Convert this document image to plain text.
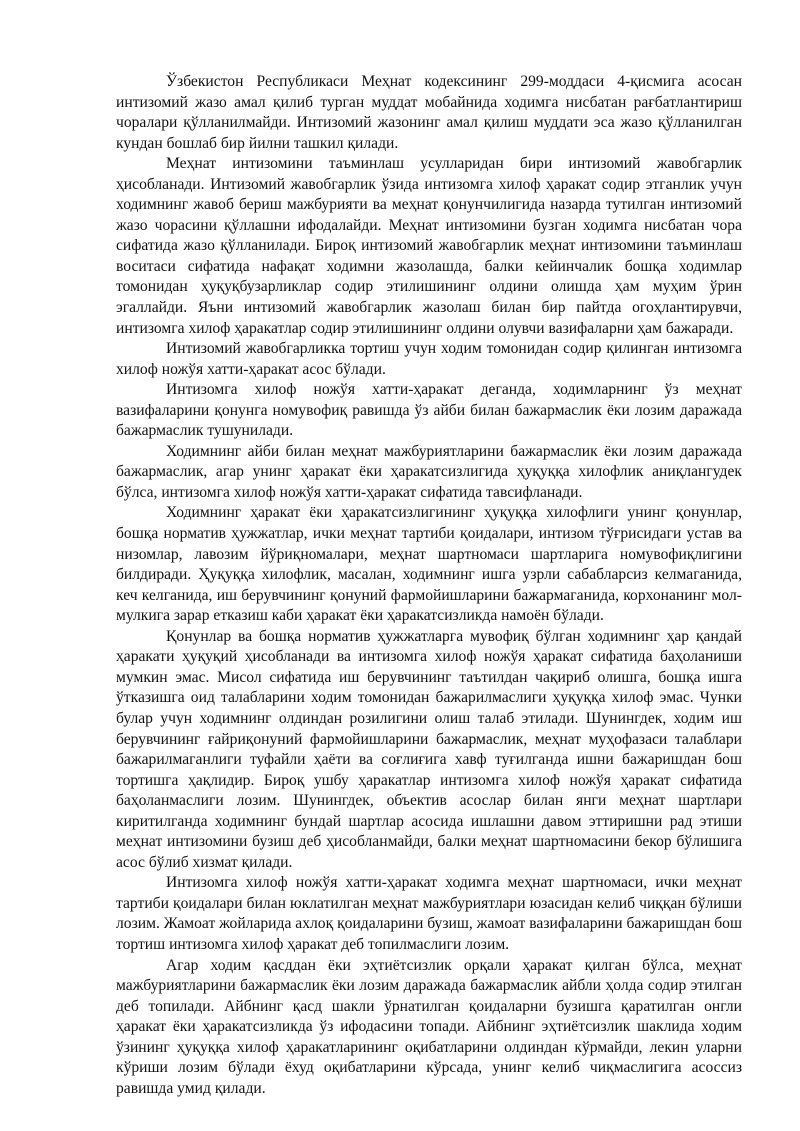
Ўзбекистон Республикаси Меҳнат кодексининг 299-моддаси 4-қисмига асосан интизомий жазо амал қилиб турган муддат мобайнида ходимга нисбатан рағбатлантириш чоралари қўлланилмайди. Интизомий жазонинг амал қилиш муддати эса жазо қўлланилган кундан бошлаб бир йилни ташкил қилади.

Меҳнат интизомини таъминлаш усулларидан бири интизомий жавобгарлик ҳисобланади. Интизомий жавобгарлик ўзида интизомга хилоф ҳаракат содир этганлик учун ходимнинг жавоб бериш мажбурияти ва меҳнат қонунчилигида назарда тутилган интизомий жазо чорасини қўллашни ифодалайди. Меҳнат интизомини бузган ходимга нисбатан чора сифатида жазо қўлланилади. Бироқ интизомий жавобгарлик меҳнат интизомини таъминлаш воситаси сифатида нафақат ходимни жазолашда, балки кейинчалик бошқа ходимлар томонидан ҳуқуқбузарликлар содир этилишининг олдини олишда ҳам муҳим ўрин эгаллайди. Яъни интизомий жавобгарлик жазолаш билан бир пайтда огоҳлантирувчи, интизомга хилоф ҳаракатлар содир этилишининг олдини олувчи вазифаларни ҳам бажаради.

Интизомий жавобгарликка тортиш учун ходим томонидан содир қилинган интизомга хилоф ножўя хатти-ҳаракат асос бўлади.

Интизомга хилоф ножўя хатти-ҳаракат деганда, ходимларнинг ўз меҳнат вазифаларини қонунга номувофиқ равишда ўз айби билан бажармаслик ёки лозим даражада бажармаслик тушунилади.

Ходимнинг айби билан меҳнат мажбуриятларини бажармаслик ёки лозим даражада бажармаслик, агар унинг ҳаракат ёки ҳаракатсизлигида ҳуқуққа хилофлик аниқлангудек бўлса, интизомга хилоф ножўя хатти-ҳаракат сифатида тавсифланади.

Ходимнинг ҳаракат ёки ҳаракатсизлигининг ҳуқуққа хилофлиги унинг қонунлар, бошқа норматив ҳужжатлар, ички меҳнат тартиби қоидалари, интизом тўғрисидаги устав ва низомлар, лавозим йўриқномалари, меҳнат шартномаси шартларига номувофиқлигини билдиради. Ҳуқуққа хилофлик, масалан, ходимнинг ишга узрли сабабларсиз келмаганида, кеч келганида, иш берувчининг қонуний фармойишларини бажармаганида, корхонанинг мол-мулкига зарар етказиш каби ҳаракат ёки ҳаракатсизликда намоён бўлади.

Қонунлар ва бошқа норматив ҳужжатларга мувофиқ бўлган ходимнинг ҳар қандай ҳаракати ҳуқуқий ҳисобланади ва интизомга хилоф ножўя ҳаракат сифатида баҳоланиши мумкин эмас. Мисол сифатида иш берувчининг таътилдан чақириб олишга, бошқа ишга ўтказишга оид талабларини ходим томонидан бажарилмаслиги ҳуқуққа хилоф эмас. Чунки булар учун ходимнинг олдиндан розилигини олиш талаб этилади. Шунингдек, ходим иш берувчининг ғайриқонуний фармойишларини бажармаслик, меҳнат муҳофазаси талаблари бажарилмаганлиги туфайли ҳаёти ва соғлиғига хавф туғилганда ишни бажаришдан бош тортишга ҳақлидир. Бироқ ушбу ҳаракатлар интизомга хилоф ножўя ҳаракат сифатида баҳоланмаслиги лозим. Шунингдек, объектив асослар билан янги меҳнат шартлари киритилганда ходимнинг бундай шартлар асосида ишлашни давом эттиришни рад этиши меҳнат интизомини бузиш деб ҳисобланмайди, балки меҳнат шартномасини бекор бўлишига асос бўлиб хизмат қилади.

Интизомга хилоф ножўя хатти-ҳаракат ходимга меҳнат шартномаси, ички меҳнат тартиби қоидалари билан юклатилган меҳнат мажбуриятлари юзасидан келиб чиққан бўлиши лозим. Жамоат жойларида ахлоқ қоидаларини бузиш, жамоат вазифаларини бажаришдан бош тортиш интизомга хилоф ҳаракат деб топилмаслиги лозим.

Агар ходим қасддан ёки эҳтиётсизлик орқали ҳаракат қилган бўлса, меҳнат мажбуриятларини бажармаслик ёки лозим даражада бажармаслик айбли ҳолда содир этилган деб топилади. Айбнинг қасд шакли ўрнатилган қоидаларни бузишга қаратилган онгли ҳаракат ёки ҳаракатсизликда ўз ифодасини топади. Айбнинг эҳтиётсизлик шаклида ходим ўзининг ҳуқуққа хилоф ҳаракатларининг оқибатларини олдиндан кўрмайди, лекин уларни кўриши лозим бўлади ёхуд оқибатларини кўрсада, унинг келиб чиқмаслигига асоссиз равишда умид қилади.
